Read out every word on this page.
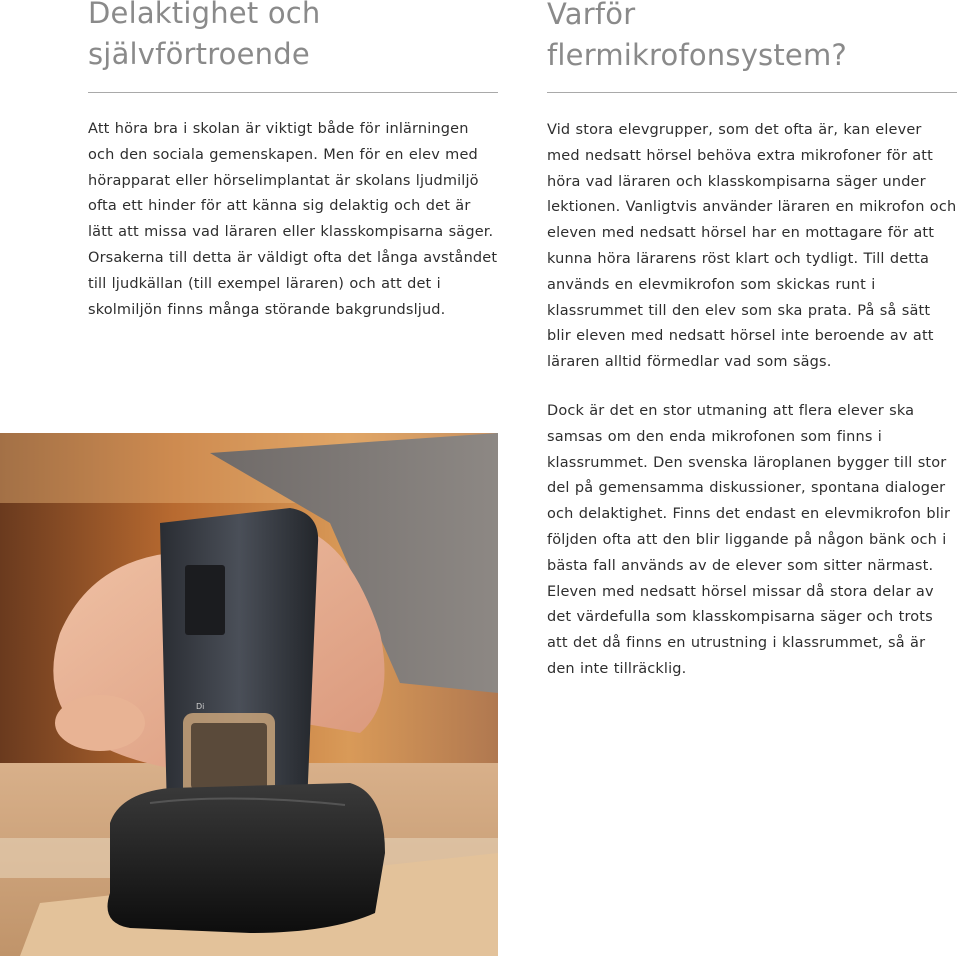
Delaktighet och
självförtroende

Att höra bra i skolan är viktigt både för inlärningen och den sociala gemenskapen. Men för en elev med hörapparat eller hörselimplantat är skolans ljudmiljö ofta ett hinder för att känna sig delaktig och det är lätt att missa vad läraren eller klasskompisarna säger. Orsakerna till detta är väldigt ofta det långa avståndet till ljudkällan (till exempel läraren) och att det i skolmiljön finns många störande bakgrundsljud.

Varför
flermikrofonsystem?

Vid stora elevgrupper, som det ofta är, kan elever med nedsatt hörsel behöva extra mikrofoner för att höra vad läraren och klasskompisarna säger under lektionen. Vanligtvis använder läraren en mikrofon och eleven med nedsatt hörsel har en mottagare för att kunna höra lärarens röst klart och tydligt. Till detta används en elevmikrofon som skickas runt i klassrummet till den elev som ska prata. På så sätt blir eleven med nedsatt hörsel inte beroende av att läraren alltid förmedlar vad som sägs.

Dock är det en stor utmaning att flera elever ska samsas om den enda mikrofonen som finns i klassrummet. Den svenska läroplanen bygger till stor del på gemensamma diskussioner, spontana dialoger och delaktighet. Finns det endast en elevmikrofon blir följden ofta att den blir liggande på någon bänk och i bästa fall används av de elever som sitter närmast. Eleven med nedsatt hörsel missar då stora delar av det värdefulla som klasskompisarna säger och trots att det då finns en utrustning i klassrummet, så är den inte tillräcklig.

Di
